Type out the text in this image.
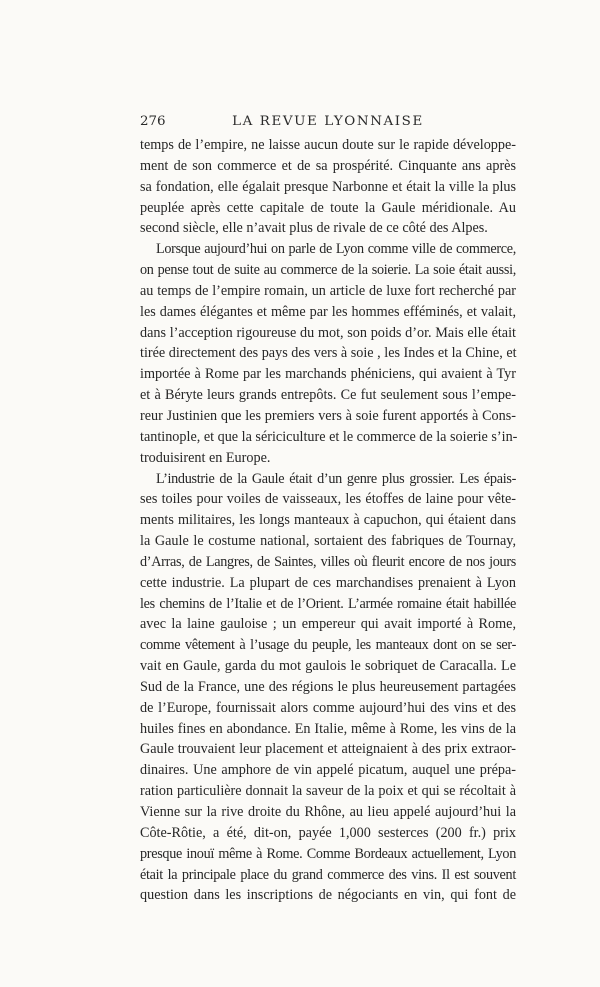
276	LA REVUE LYONNAISE
temps de l’empire, ne laisse aucun doute sur le rapide développe-
ment de son commerce et de sa prospérité. Cinquante ans après
sa fondation, elle égalait presque Narbonne et était la ville la plus
peuplée après cette capitale de toute la Gaule méridionale. Au
second siècle, elle n’avait plus de rivale de ce côté des Alpes.
Lorsque aujourd’hui on parle de Lyon comme ville de commerce,
on pense tout de suite au commerce de la soierie. La soie était aussi,
au temps de l’empire romain, un article de luxe fort recherché par
les dames élégantes et même par les hommes efféminés, et valait,
dans l’acception rigoureuse du mot, son poids d’or. Mais elle était
tirée directement des pays des vers à soie , les Indes et la Chine, et
importée à Rome par les marchands phéniciens, qui avaient à Tyr
et à Béryte leurs grands entrepôts. Ce fut seulement sous l’empe-
reur Justinien que les premiers vers à soie furent apportés à Cons-
tantinople, et que la sériciculture et le commerce de la soierie s’in-
troduisirent en Europe.
L’industrie de la Gaule était d’un genre plus grossier. Les épais-
ses toiles pour voiles de vaisseaux, les étoffes de laine pour vête-
ments militaires, les longs manteaux à capuchon, qui étaient dans
la Gaule le costume national, sortaient des fabriques de Tournay,
d’Arras, de Langres, de Saintes, villes où fleurit encore de nos jours
cette industrie. La plupart de ces marchandises prenaient à Lyon
les chemins de l’Italie et de l’Orient. L’armée romaine était habillée
avec la laine gauloise ; un empereur qui avait importé à Rome,
comme vêtement à l’usage du peuple, les manteaux dont on se ser-
vait en Gaule, garda du mot gaulois le sobriquet de Caracalla. Le
Sud de la France, une des régions le plus heureusement partagées
de l’Europe, fournissait alors comme aujourd’hui des vins et des
huiles fines en abondance. En Italie, même à Rome, les vins de la
Gaule trouvaient leur placement et atteignaient à des prix extraor-
dinaires. Une amphore de vin appelé picatum, auquel une prépa-
ration particulière donnait la saveur de la poix et qui se récoltait à
Vienne sur la rive droite du Rhône, au lieu appelé aujourd’hui la
Côte-Rôtie, a été, dit-on, payée 1,000 sesterces (200 fr.) prix
presque inouï même à Rome. Comme Bordeaux actuellement, Lyon
était la principale place du grand commerce des vins. Il est souvent
question dans les inscriptions de négociants en vin, qui font de
